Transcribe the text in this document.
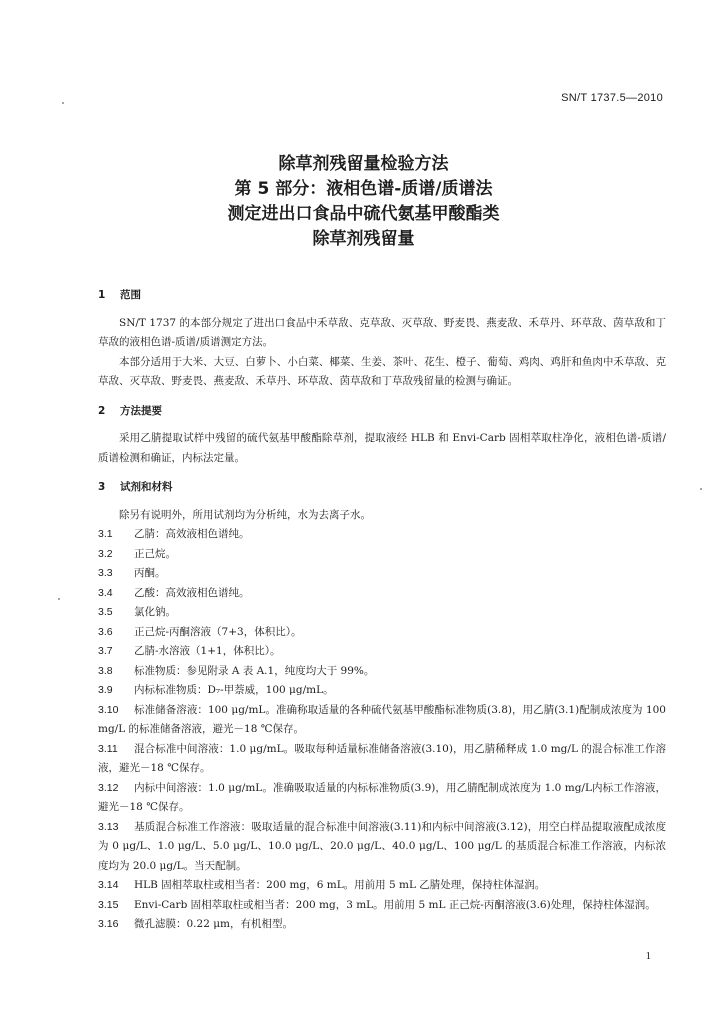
SN/T 1737.5—2010
除草剂残留量检验方法
第 5 部分：液相色谱-质谱/质谱法
测定进出口食品中硫代氨基甲酸酯类
除草剂残留量
1 范围

SN/T 1737 的本部分规定了进出口食品中禾草敌、克草敌、灭草敌、野麦畏、燕麦敌、禾草丹、环草敌、茵草敌和丁草敌的液相色谱-质谱/质谱测定方法。

本部分适用于大米、大豆、白萝卜、小白菜、椰菜、生姜、茶叶、花生、橙子、葡萄、鸡肉、鸡肝和鱼肉中禾草敌、克草敌、灭草敌、野麦畏、燕麦敌、禾草丹、环草敌、茵草敌和丁草敌残留量的检测与确证。

2 方法提要

采用乙腈提取试样中残留的硫代氨基甲酸酯除草剂，提取液经 HLB 和 Envi-Carb 固相萃取柱净化，液相色谱-质谱/质谱检测和确证，内标法定量。

3 试剂和材料

除另有说明外，所用试剂均为分析纯，水为去离子水。

3.1	乙腈：高效液相色谱纯。
3.2	正己烷。
3.3	丙酮。
3.4	乙酸：高效液相色谱纯。
3.5	氯化钠。
3.6	正己烷-丙酮溶液（7+3，体积比）。
3.7	乙腈-水溶液（1+1，体积比）。
3.8	标准物质：参见附录 A 表 A.1，纯度均大于 99%。
3.9	内标标准物质：D₇-甲萘威，100 μg/mL。

3.10 标准储备溶液：100 μg/mL。准确称取适量的各种硫代氨基甲酸酯标准物质(3.8)，用乙腈(3.1)配制成浓度为 100 mg/L 的标准储备溶液，避光－18 ℃保存。

3.11 混合标准中间溶液：1.0 μg/mL。吸取每种适量标准储备溶液(3.10)，用乙腈稀释成 1.0 mg/L 的混合标准工作溶液，避光－18 ℃保存。

3.12 内标中间溶液：1.0 μg/mL。准确吸取适量的内标标准物质(3.9)，用乙腈配制成浓度为 1.0 mg/L内标工作溶液，避光－18 ℃保存。

3.13 基质混合标准工作溶液：吸取适量的混合标准中间溶液(3.11)和内标中间溶液(3.12)，用空白样品提取液配成浓度为 0 μg/L、1.0 μg/L、5.0 μg/L、10.0 μg/L、20.0 μg/L、40.0 μg/L、100 μg/L 的基质混合标准工作溶液，内标浓度均为 20.0 μg/L。当天配制。

3.14 HLB 固相萃取柱或相当者：200 mg，6 mL。用前用 5 mL 乙腈处理，保持柱体湿润。

3.15 Envi-Carb 固相萃取柱或相当者：200 mg，3 mL。用前用 5 mL 正己烷-丙酮溶液(3.6)处理，保持柱体湿润。

3.16 微孔滤膜：0.22 μm，有机相型。

1
